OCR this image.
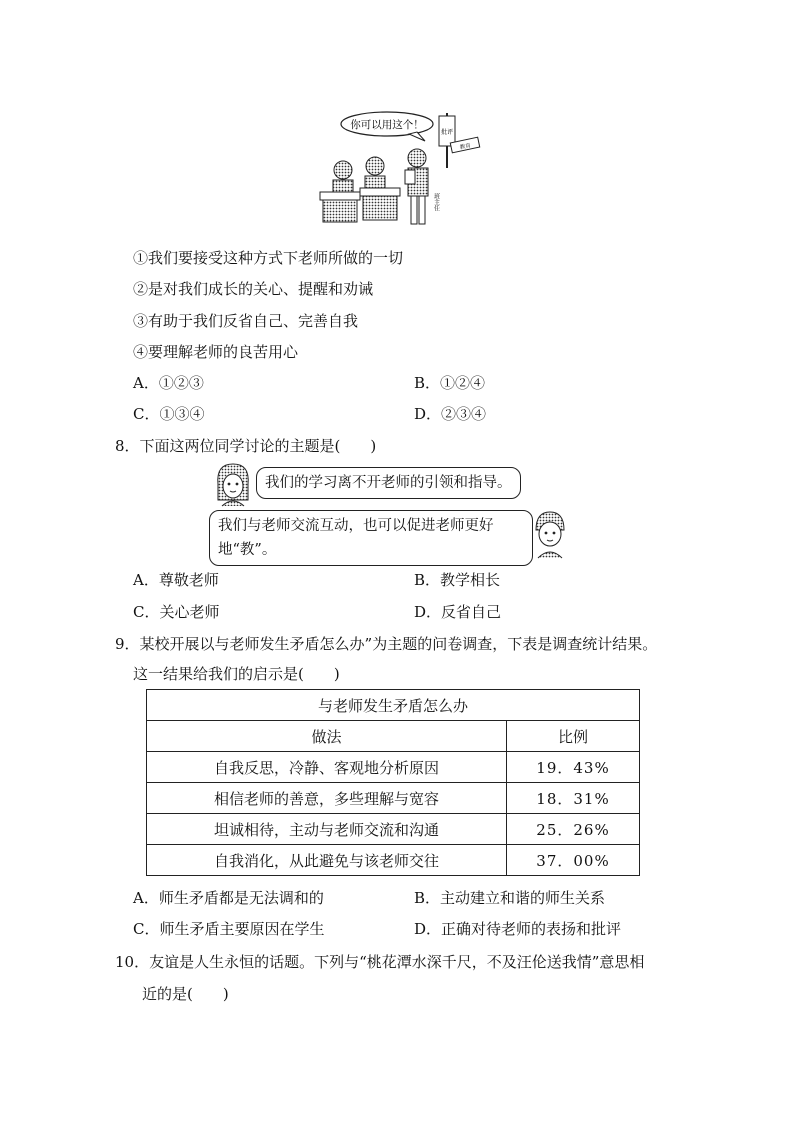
你可以用这个！
批评
教育
班主任
①我们要接受这种方式下老师所做的一切
②是对我们成长的关心、提醒和劝诫
③有助于我们反省自己、完善自我
④要理解老师的良苦用心
A．①②③	B．①②④
C．①③④	D．②③④
8．下面这两位同学讨论的主题是(　　)
我们的学习离不开老师的引领和指导。
我们与老师交流互动，也可以促进老师更好
地“教”。
A．尊敬老师	B．教学相长
C．关心老师	D．反省自己
9．某校开展以与老师发生矛盾怎么办”为主题的问卷调查，下表是调查统计结果。
这一结果给我们的启示是(　　)
与老师发生矛盾怎么办	
做法	比例
自我反思，冷静、客观地分析原因	19．43%
相信老师的善意，多些理解与宽容	18．31%
坦诚相待，主动与老师交流和沟通	25．26%
自我消化，从此避免与该老师交往	37．00%
A．师生矛盾都是无法调和的	B．主动建立和谐的师生关系
C．师生矛盾主要原因在学生	D．正确对待老师的表扬和批评
10．友谊是人生永恒的话题。下列与“桃花潭水深千尺，不及汪伦送我情”意思相
近的是(　　)
